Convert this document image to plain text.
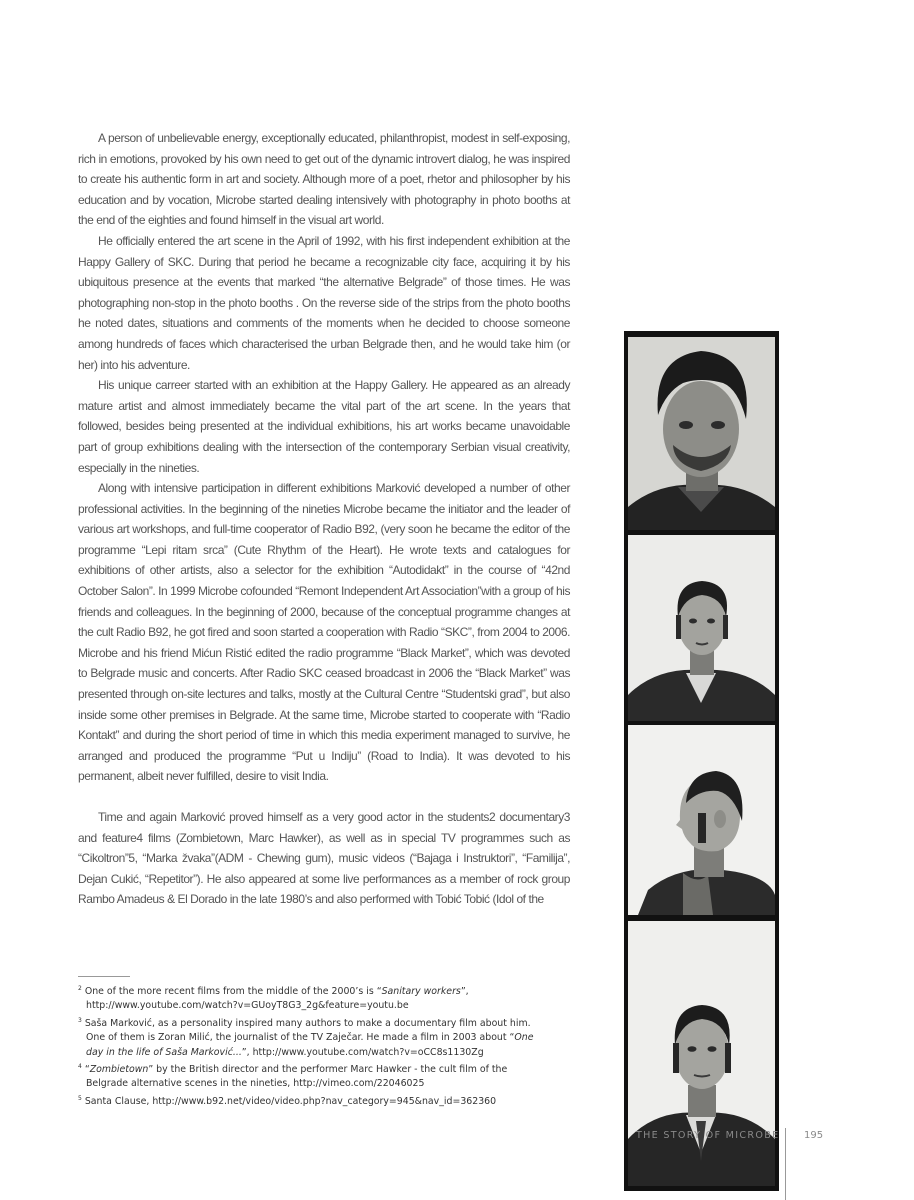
A person of unbelievable energy, exceptionally educated, philanthropist, modest in self-exposing, rich in emotions, provoked by his own need to get out of the dynamic introvert dialog, he was inspired to create his authentic form in art and society. Although more of a poet, rhetor and philosopher by his education and by vocation, Microbe started dealing intensively with photography in photo booths at the end of the eighties and found himself in the visual art world.

He officially entered the art scene in the April of 1992, with his first independent exhibition at the Happy Gallery of SKC. During that period he became a recognizable city face, acquiring it by his ubiquitous presence at the events that marked “the alternative Belgrade” of those times. He was photographing non-stop in the photo booths . On the reverse side of the strips from the photo booths he noted dates, situations and comments of the moments when he decided to choose someone among hundreds of faces which characterised the urban Belgrade then, and he would take him (or her) into his adventure.

His unique carreer started with an exhibition at the Happy Gallery. He appeared as an already mature artist and almost immediately became the vital part of the art scene. In the years that followed, besides being presented at the individual exhibitions, his art works became unavoidable part of group exhibitions dealing with the intersection of the contemporary Serbian visual creativity, especially in the nineties.

Along with intensive participation in different exhibitions Marković developed a number of other professional activities. In the beginning of the nineties Microbe became the initiator and the leader of various art workshops, and full-time cooperator of Radio B92, (very soon he became the editor of the programme “Lepi ritam srca” (Cute Rhythm of the Heart). He wrote texts and catalogues for exhibitions of other artists, also a selector for the exhibition “Autodidakt” in the course of “42nd October Salon”. In 1999 Microbe cofounded “Remont Independent Art Association”with a group of his friends and colleagues. In the beginning of 2000, because of the conceptual programme changes at the cult Radio B92, he got fired and soon started a cooperation with Radio “SKC”, from 2004 to 2006. Microbe and his friend Mićun Ristić edited the radio programme “Black Market”, which was devoted to Belgrade music and concerts. After Radio SKC ceased broadcast in 2006 the “Black Market” was presented through on-site lectures and talks, mostly at the Cultural Centre “Studentski grad”, but also inside some other premises in Belgrade. At the same time, Microbe started to cooperate with “Radio Kontakt” and during the short period of time in which this media experiment managed to survive, he arranged and produced the programme “Put u Indiju” (Road to India). It was devoted to his permanent, albeit never fulfilled, desire to visit India.

Time and again Marković proved himself as a very good actor in the students2 documentary3 and feature4 films (Zombietown, Marc Hawker), as well as in special TV programmes such as “Cikoltron”5, “Marka žvaka”(ADM - Chewing gum), music videos (“Bajaga i Instruktori”, “Familija”, Dejan Cukić, “Repetitor”). He also appeared at some live performances as a member of rock group Rambo Amadeus & El Dorado in the late 1980’s and also performed with Tobić Tobić (Idol of the

$^2$ One of the more recent films from the middle of the 2000’s is “Sanitary workers”, http://www.youtube.com/watch?v=GUoyT8G3_2g&feature=youtu.be
$^3$ Saša Marković, as a personality inspired many authors to make a documentary film about him. One of them is Zoran Milić, the journalist of the TV Zaječar. He made a film in 2003 about “One day in the life of Saša Marković...”, http://www.youtube.com/watch?v=oCC8s1130Zg
$^4$ “Zombietown” by the British director and the performer Marc Hawker - the cult film of the Belgrade alternative scenes in the nineties, http://vimeo.com/22046025
$^5$ Santa Clause, http://www.b92.net/video/video.php?nav_category=945&nav_id=362360
THE STORY OF MICROBE 195
